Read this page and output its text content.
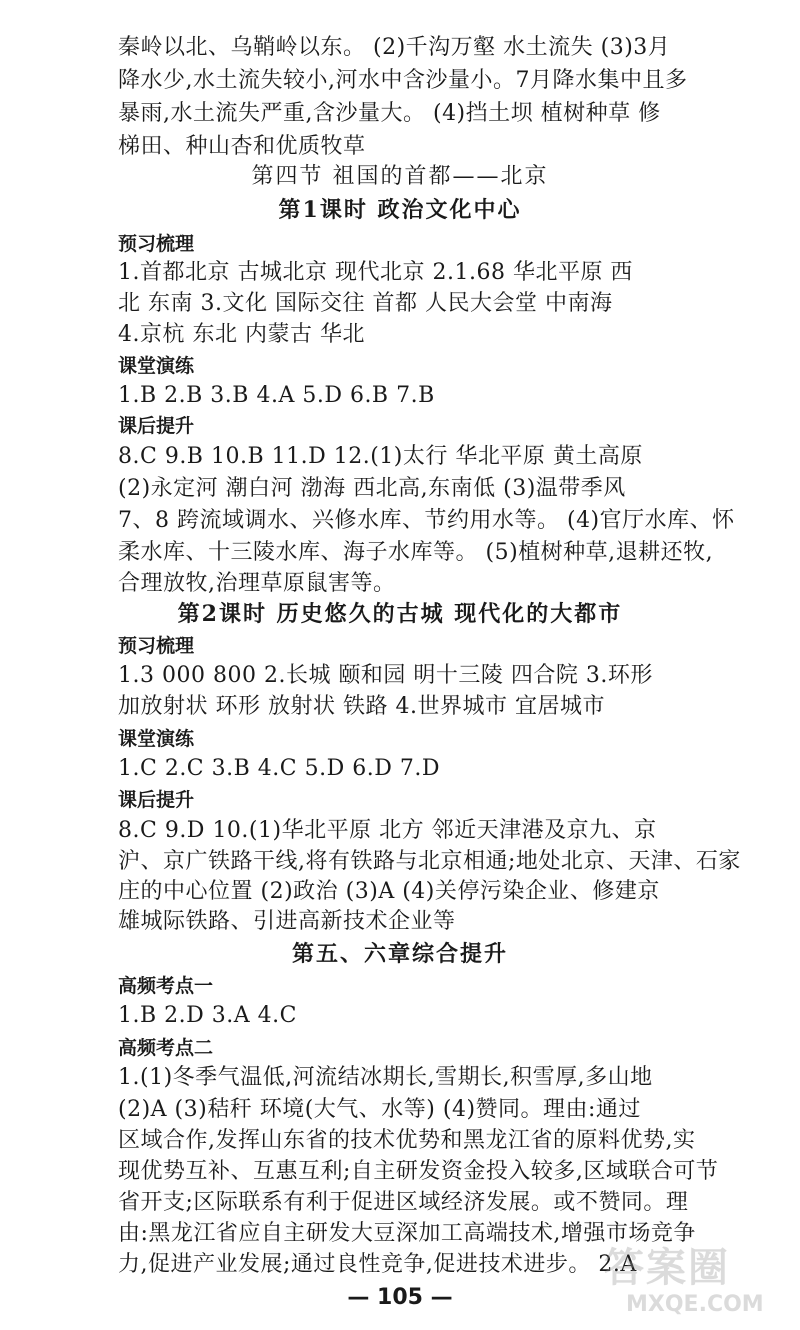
秦岭以北、乌鞘岭以东。 (2)千沟万壑 水土流失 (3)3月
降水少,水土流失较小,河水中含沙量小。7月降水集中且多
暴雨,水土流失严重,含沙量大。 (4)挡土坝 植树种草 修
梯田、种山杏和优质牧草
第四节 祖国的首都——北京
第1课时 政治文化中心
预习梳理
1.首都北京 古城北京 现代北京 2.1.68 华北平原 西
北 东南 3.文化 国际交往 首都 人民大会堂 中南海
4.京杭 东北 内蒙古 华北
课堂演练
1.B 2.B 3.B 4.A 5.D 6.B 7.B
课后提升
8.C 9.B 10.B 11.D 12.(1)太行 华北平原 黄土高原
(2)永定河 潮白河 渤海 西北高,东南低 (3)温带季风
7、8 跨流域调水、兴修水库、节约用水等。 (4)官厅水库、怀
柔水库、十三陵水库、海子水库等。 (5)植树种草,退耕还牧,
合理放牧,治理草原鼠害等。
第2课时 历史悠久的古城 现代化的大都市
预习梳理
1.3 000 800 2.长城 颐和园 明十三陵 四合院 3.环形
加放射状 环形 放射状 铁路 4.世界城市 宜居城市
课堂演练
1.C 2.C 3.B 4.C 5.D 6.D 7.D
课后提升
8.C 9.D 10.(1)华北平原 北方 邻近天津港及京九、京
沪、京广铁路干线,将有铁路与北京相通;地处北京、天津、石家
庄的中心位置 (2)政治 (3)A (4)关停污染企业、修建京
雄城际铁路、引进高新技术企业等
第五、六章综合提升
高频考点一
1.B 2.D 3.A 4.C
高频考点二
1.(1)冬季气温低,河流结冰期长,雪期长,积雪厚,多山地
(2)A (3)秸秆 环境(大气、水等) (4)赞同。理由:通过
区域合作,发挥山东省的技术优势和黑龙江省的原料优势,实
现优势互补、互惠互利;自主研发资金投入较多,区域联合可节
省开支;区际联系有利于促进区域经济发展。或不赞同。理
由:黑龙江省应自主研发大豆深加工高端技术,增强市场竞争
力,促进产业发展;通过良性竞争,促进技术进步。 2.A
— 105 —
答案圈
MXQE.COM
